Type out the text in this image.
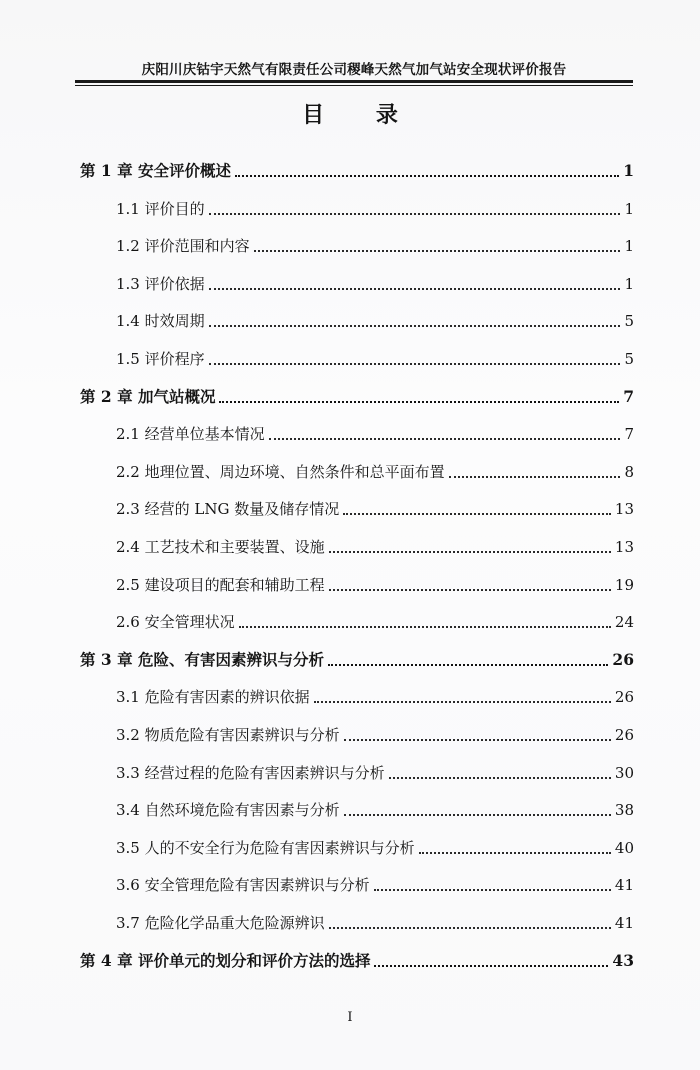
庆阳川庆钴宇天然气有限责任公司稷峰天然气加气站安全现状评价报告
目 录
第 1 章 安全评价概述	1
1.1 评价目的	1
1.2 评价范围和内容	1
1.3 评价依据	1
1.4 时效周期	5
1.5 评价程序	5
第 2 章 加气站概况	7
2.1 经营单位基本情况	7
2.2 地理位置、周边环境、自然条件和总平面布置	8
2.3 经营的 LNG 数量及储存情况	13
2.4 工艺技术和主要装置、设施	13
2.5 建设项目的配套和辅助工程	19
2.6 安全管理状况	24
第 3 章 危险、有害因素辨识与分析	26
3.1 危险有害因素的辨识依据	26
3.2 物质危险有害因素辨识与分析	26
3.3 经营过程的危险有害因素辨识与分析	30
3.4 自然环境危险有害因素与分析	38
3.5 人的不安全行为危险有害因素辨识与分析	40
3.6 安全管理危险有害因素辨识与分析	41
3.7 危险化学品重大危险源辨识	41
第 4 章 评价单元的划分和评价方法的选择	43
I
